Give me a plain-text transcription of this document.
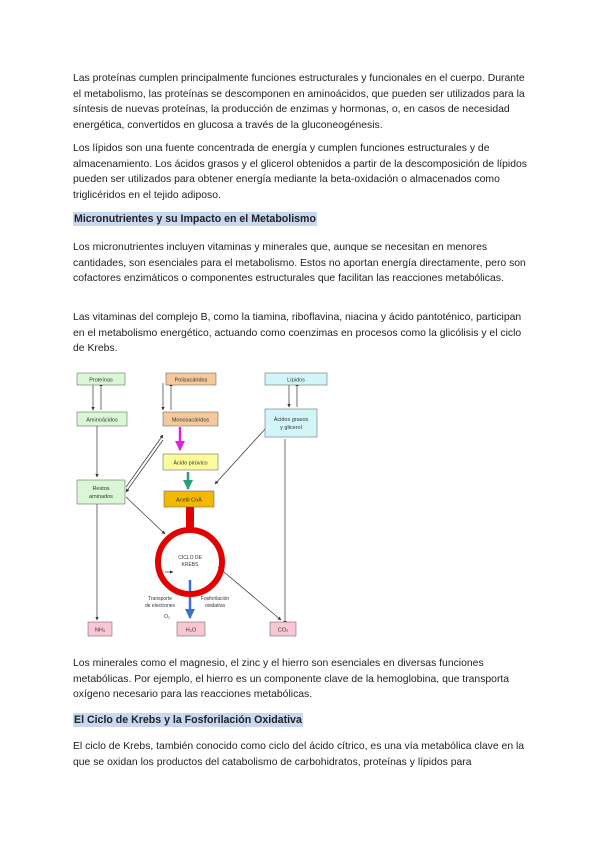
Las proteínas cumplen principalmente funciones estructurales y funcionales en el cuerpo. Durante el metabolismo, las proteínas se descomponen en aminoácidos, que pueden ser utilizados para la síntesis de nuevas proteínas, la producción de enzimas y hormonas, o, en casos de necesidad energética, convertidos en glucosa a través de la gluconeogénesis.

Los lípidos son una fuente concentrada de energía y cumplen funciones estructurales y de almacenamiento. Los ácidos grasos y el glicerol obtenidos a partir de la descomposición de lípidos pueden ser utilizados para obtener energía mediante la beta-oxidación o almacenados como triglicéridos en el tejido adiposo.

Micronutrientes y su Impacto en el Metabolismo

Los micronutrientes incluyen vitaminas y minerales que, aunque se necesitan en menores cantidades, son esenciales para el metabolismo. Estos no aportan energía directamente, pero son cofactores enzimáticos o componentes estructurales que facilitan las reacciones metabólicas.

Las vitaminas del complejo B, como la tiamina, riboflavina, niacina y ácido pantoténico, participan en el metabolismo energético, actuando como coenzimas en procesos como la glicólisis y el ciclo de Krebs.

CICLO DE
KREBS
Proteínas	Polisacáridos	Lípidos
Aminoácidos	Monosacáridos	Ácidos grasos
y glicerol
Ácido pirúvico
Restos
aminados
Acetil CoA
Transporte
de electrones
Fosforilación
oxidativa
O₂
NH₃	H₂O	CO₂

Los minerales como el magnesio, el zinc y el hierro son esenciales en diversas funciones metabólicas. Por ejemplo, el hierro es un componente clave de la hemoglobina, que transporta oxígeno necesario para las reacciones metabólicas.

El Ciclo de Krebs y la Fosforilación Oxidativa

El ciclo de Krebs, también conocido como ciclo del ácido cítrico, es una vía metabólica clave en la que se oxidan los productos del catabolismo de carbohidratos, proteínas y lípidos para
